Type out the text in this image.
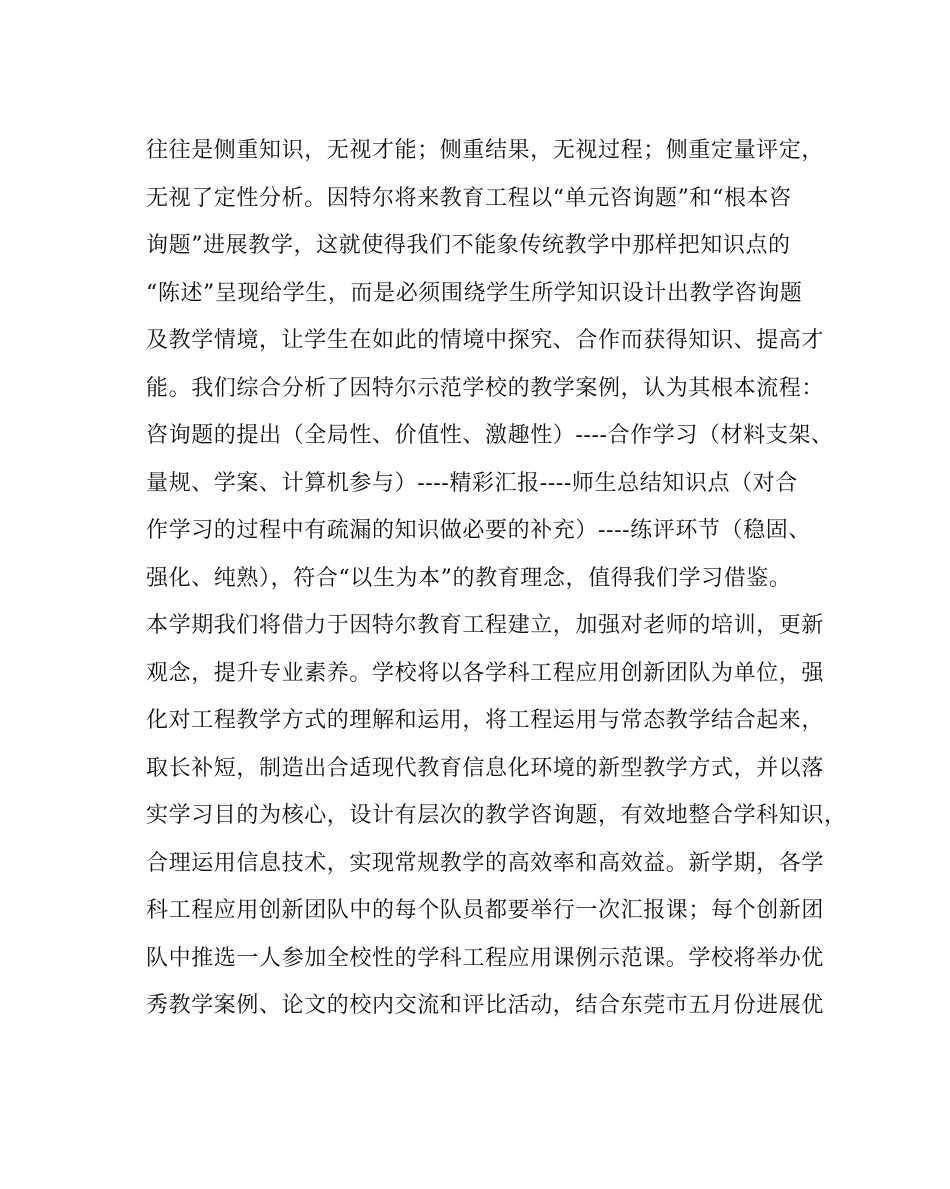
往往是侧重知识，无视才能；侧重结果，无视过程；侧重定量评定，
无视了定性分析。因特尔将来教育工程以“单元咨询题”和“根本咨
询题”进展教学，这就使得我们不能象传统教学中那样把知识点的
“陈述”呈现给学生，而是必须围绕学生所学知识设计出教学咨询题
及教学情境，让学生在如此的情境中探究、合作而获得知识、提高才
能。我们综合分析了因特尔示范学校的教学案例，认为其根本流程：
咨询题的提出（全局性、价值性、激趣性）----合作学习（材料支架、
量规、学案、计算机参与）----精彩汇报----师生总结知识点（对合
作学习的过程中有疏漏的知识做必要的补充）----练评环节（稳固、
强化、纯熟），符合“以生为本”的教育理念，值得我们学习借鉴。
本学期我们将借力于因特尔教育工程建立，加强对老师的培训，更新
观念，提升专业素养。学校将以各学科工程应用创新团队为单位，强
化对工程教学方式的理解和运用，将工程运用与常态教学结合起来，
取长补短，制造出合适现代教育信息化环境的新型教学方式，并以落
实学习目的为核心，设计有层次的教学咨询题，有效地整合学科知识，
合理运用信息技术，实现常规教学的高效率和高效益。新学期，各学
科工程应用创新团队中的每个队员都要举行一次汇报课；每个创新团
队中推选一人参加全校性的学科工程应用课例示范课。学校将举办优
秀教学案例、论文的校内交流和评比活动，结合东莞市五月份进展优
